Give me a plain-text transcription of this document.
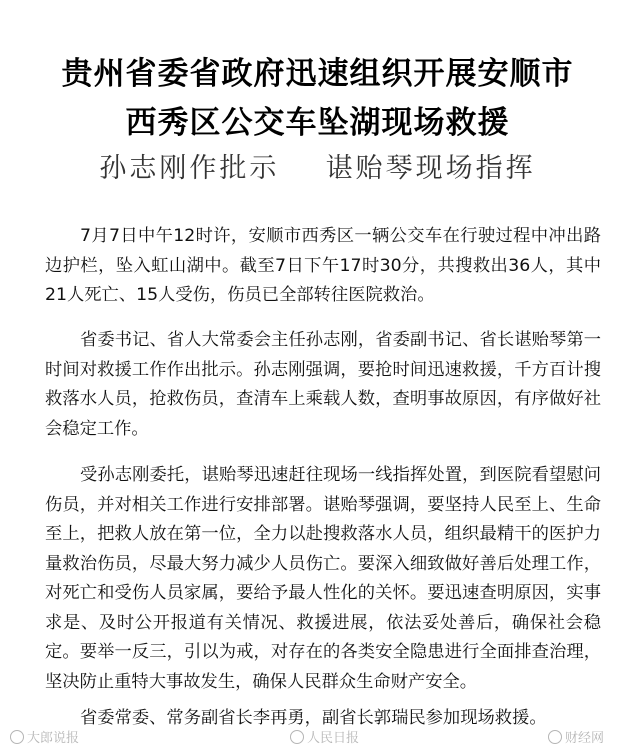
贵州省委省政府迅速组织开展安顺市
西秀区公交车坠湖现场救援
孙志刚作批示    谌贻琴现场指挥

7月7日中午12时许，安顺市西秀区一辆公交车在行驶过程中冲出路边护栏，坠入虹山湖中。截至7日下午17时30分，共搜救出36人，其中21人死亡、15人受伤，伤员已全部转往医院救治。

省委书记、省人大常委会主任孙志刚，省委副书记、省长谌贻琴第一时间对救援工作作出批示。孙志刚强调，要抢时间迅速救援，千方百计搜救落水人员，抢救伤员，查清车上乘载人数，查明事故原因，有序做好社会稳定工作。

受孙志刚委托，谌贻琴迅速赶往现场一线指挥处置，到医院看望慰问伤员，并对相关工作进行安排部署。谌贻琴强调，要坚持人民至上、生命至上，把救人放在第一位，全力以赴搜救落水人员，组织最精干的医护力量救治伤员，尽最大努力减少人员伤亡。要深入细致做好善后处理工作，对死亡和受伤人员家属，要给予最人性化的关怀。要迅速查明原因，实事求是、及时公开报道有关情况、救援进展，依法妥处善后，确保社会稳定。要举一反三，引以为戒，对存在的各类安全隐患进行全面排查治理，坚决防止重特大事故发生，确保人民群众生命财产安全。

省委常委、常务副省长李再勇，副省长郭瑞民参加现场救援。

大郎说报	人民日报	财经网
